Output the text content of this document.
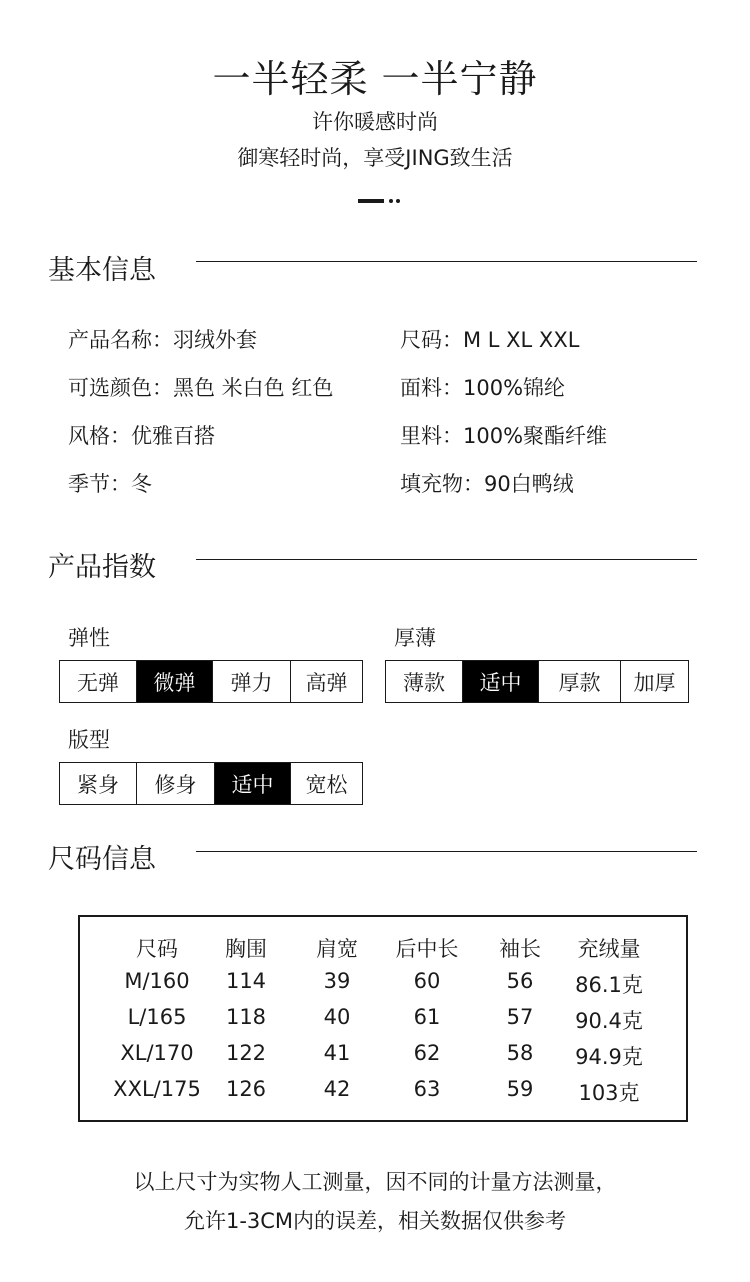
一半轻柔 一半宁静
许你暖感时尚
御寒轻时尚，享受JING致生活
基本信息
产品名称：羽绒外套
可选颜色：黑色 米白色 红色
风格：优雅百搭
季节：冬
尺码：M L XL XXL
面料：100%锦纶
里料：100%聚酯纤维
填充物：90白鸭绒
产品指数
弹性
无弹	微弹	弹力	高弹
厚薄
薄款	适中	厚款	加厚
版型
紧身	修身	适中	宽松
尺码信息
尺码 胸围 肩宽 后中长 袖长 充绒量
M/160 114	39	60	56 86.1克
L/165 118	40	61	57 90.4克
XL/170 122	41	62	58 94.9克
XXL/175 126	42	63	59 103克
以上尺寸为实物人工测量，因不同的计量方法测量，
允许1-3CM内的误差，相关数据仅供参考
